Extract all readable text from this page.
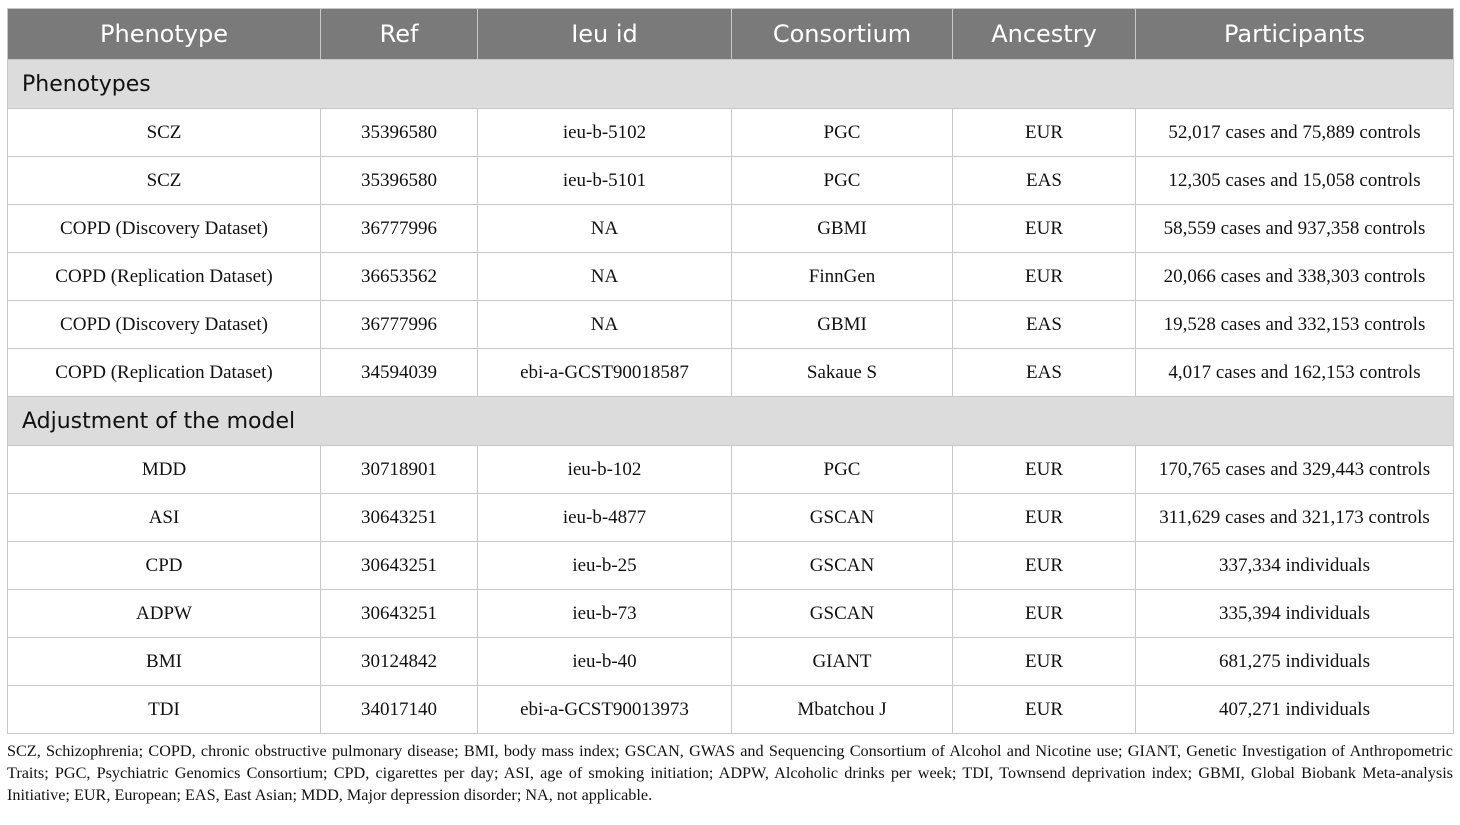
Phenotype	Ref	Ieu id	Consortium	Ancestry	Participants
Phenotypes					
SCZ	35396580	ieu-b-5102	PGC	EUR	52,017 cases and 75,889 controls
SCZ	35396580	ieu-b-5101	PGC	EAS	12,305 cases and 15,058 controls
COPD (Discovery Dataset)	36777996	NA	GBMI	EUR	58,559 cases and 937,358 controls
COPD (Replication Dataset)	36653562	NA	FinnGen	EUR	20,066 cases and 338,303 controls
COPD (Discovery Dataset)	36777996	NA	GBMI	EAS	19,528 cases and 332,153 controls
COPD (Replication Dataset)	34594039	ebi-a-GCST90018587	Sakaue S	EAS	4,017 cases and 162,153 controls
Adjustment of the model					
MDD	30718901	ieu-b-102	PGC	EUR	170,765 cases and 329,443 controls
ASI	30643251	ieu-b-4877	GSCAN	EUR	311,629 cases and 321,173 controls
CPD	30643251	ieu-b-25	GSCAN	EUR	337,334 individuals
ADPW	30643251	ieu-b-73	GSCAN	EUR	335,394 individuals
BMI	30124842	ieu-b-40	GIANT	EUR	681,275 individuals
TDI	34017140	ebi-a-GCST90013973	Mbatchou J	EUR	407,271 individuals
SCZ, Schizophrenia; COPD, chronic obstructive pulmonary disease; BMI, body mass index; GSCAN, GWAS and Sequencing Consortium of Alcohol and Nicotine use; GIANT, Genetic Investigation of Anthropometric Traits; PGC, Psychiatric Genomics Consortium; CPD, cigarettes per day; ASI, age of smoking initiation; ADPW, Alcoholic drinks per week; TDI, Townsend deprivation index; GBMI, Global Biobank Meta-analysis Initiative; EUR, European; EAS, East Asian; MDD, Major depression disorder; NA, not applicable.
